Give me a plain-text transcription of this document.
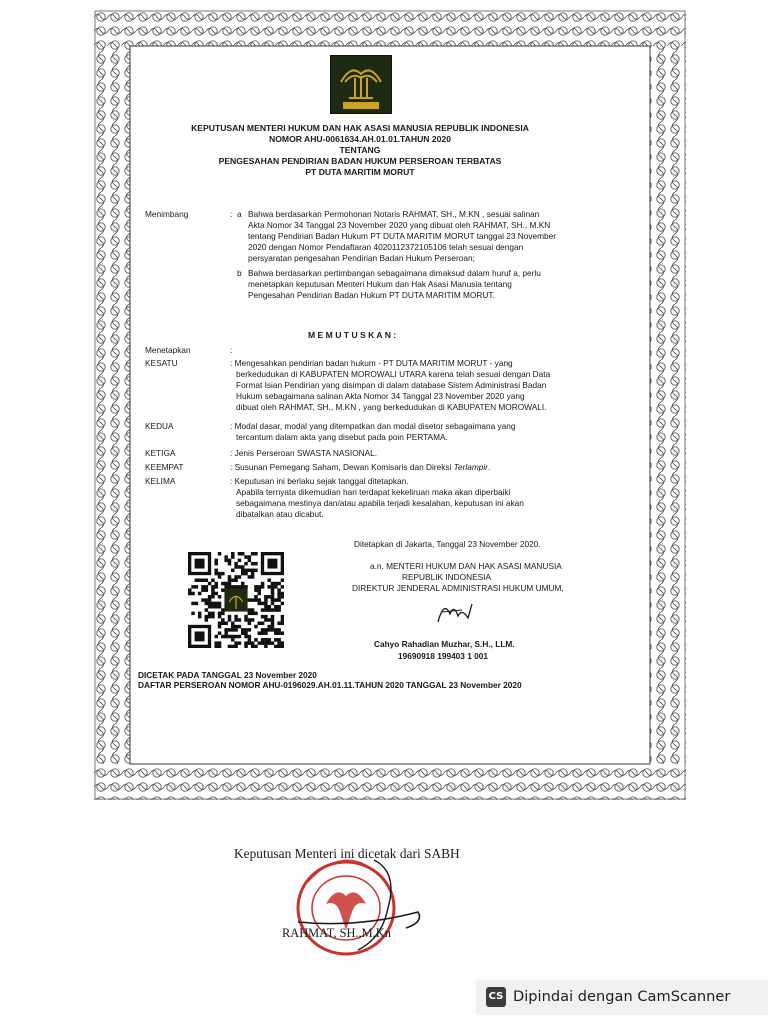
KEPUTUSAN MENTERI HUKUM DAN HAK ASASI MANUSIA REPUBLIK INDONESIA
NOMOR AHU-0061634.AH.01.01.TAHUN 2020
TENTANG
PENGESAHAN PENDIRIAN BADAN HUKUM PERSEROAN TERBATAS
PT DUTA MARITIM MORUT
Menimbang	: a Bahwa berdasarkan Permohonan Notaris RAHMAT, SH., M.KN , sesuai salinan
Akta Nomor 34 Tanggal 23 November 2020 yang dibuat oleh RAHMAT, SH., M.KN
tentang Pendirian Badan Hukum PT DUTA MARITIM MORUT tanggal 23 November
2020 dengan Nomor Pendaftaran 4020112372105106 telah sesuai dengan
persyaratan pengesahan Pendirian Badan Hukum Perseroan;
b Bahwa berdasarkan pertimbangan sebagaimana dimaksud dalam huruf a, perlu
menetapkan keputusan Menteri Hukum dan Hak Asasi Manusia tentang
Pengesahan Pendirian Badan Hukum PT DUTA MARITIM MORUT.
M E M U T U S K A N :
Menetapkan	:
KESATU	: Mengesahkan pendirian badan hukum - PT DUTA MARITIM MORUT - yang
berkedudukan di KABUPATEN MOROWALI UTARA karena telah sesuai dengan Data
Format Isian Pendirian yang disimpan di dalam database Sistem Administrasi Badan
Hukum sebagaimana salinan Akta Nomor 34 Tanggal 23 November 2020 yang
dibuat oleh RAHMAT, SH., M.KN , yang berkedudukan di KABUPATEN MOROWALI.
KEDUA	: Modal dasar, modal yang ditempatkan dan modal disetor sebagaimana yang
tercantum dalam akta yang disebut pada poin PERTAMA.
KETIGA	: Jenis Perseroan SWASTA NASIONAL.
KEEMPAT	: Susunan Pemegang Saham, Dewan Komisaris dan Direksi Terlampir.
KELIMA	: Keputusan ini berlaku sejak tanggal ditetapkan.
Apabila ternyata dikemudian hari terdapat kekeliruan maka akan diperbaiki
sebagaimana mestinya dan/atau apabila terjadi kesalahan, keputusan ini akan
dibatalkan atau dicabut.
Ditetapkan di Jakarta, Tanggal 23 November 2020.
a.n. MENTERI HUKUM DAN HAK ASASI MANUSIA
REPUBLIK INDONESIA
DIREKTUR JENDERAL ADMINISTRASI HUKUM UMUM,
Cahyo Rahadian Muzhar, S.H., LLM.
19690918 199403 1 001
DICETAK PADA TANGGAL 23 November 2020
DAFTAR PERSEROAN NOMOR AHU-0196029.AH.01.11.TAHUN 2020 TANGGAL 23 November 2020
Keputusan Menteri ini dicetak dari SABH
RAHMAT, SH.,M.Kn
CS Dipindai dengan CamScanner
